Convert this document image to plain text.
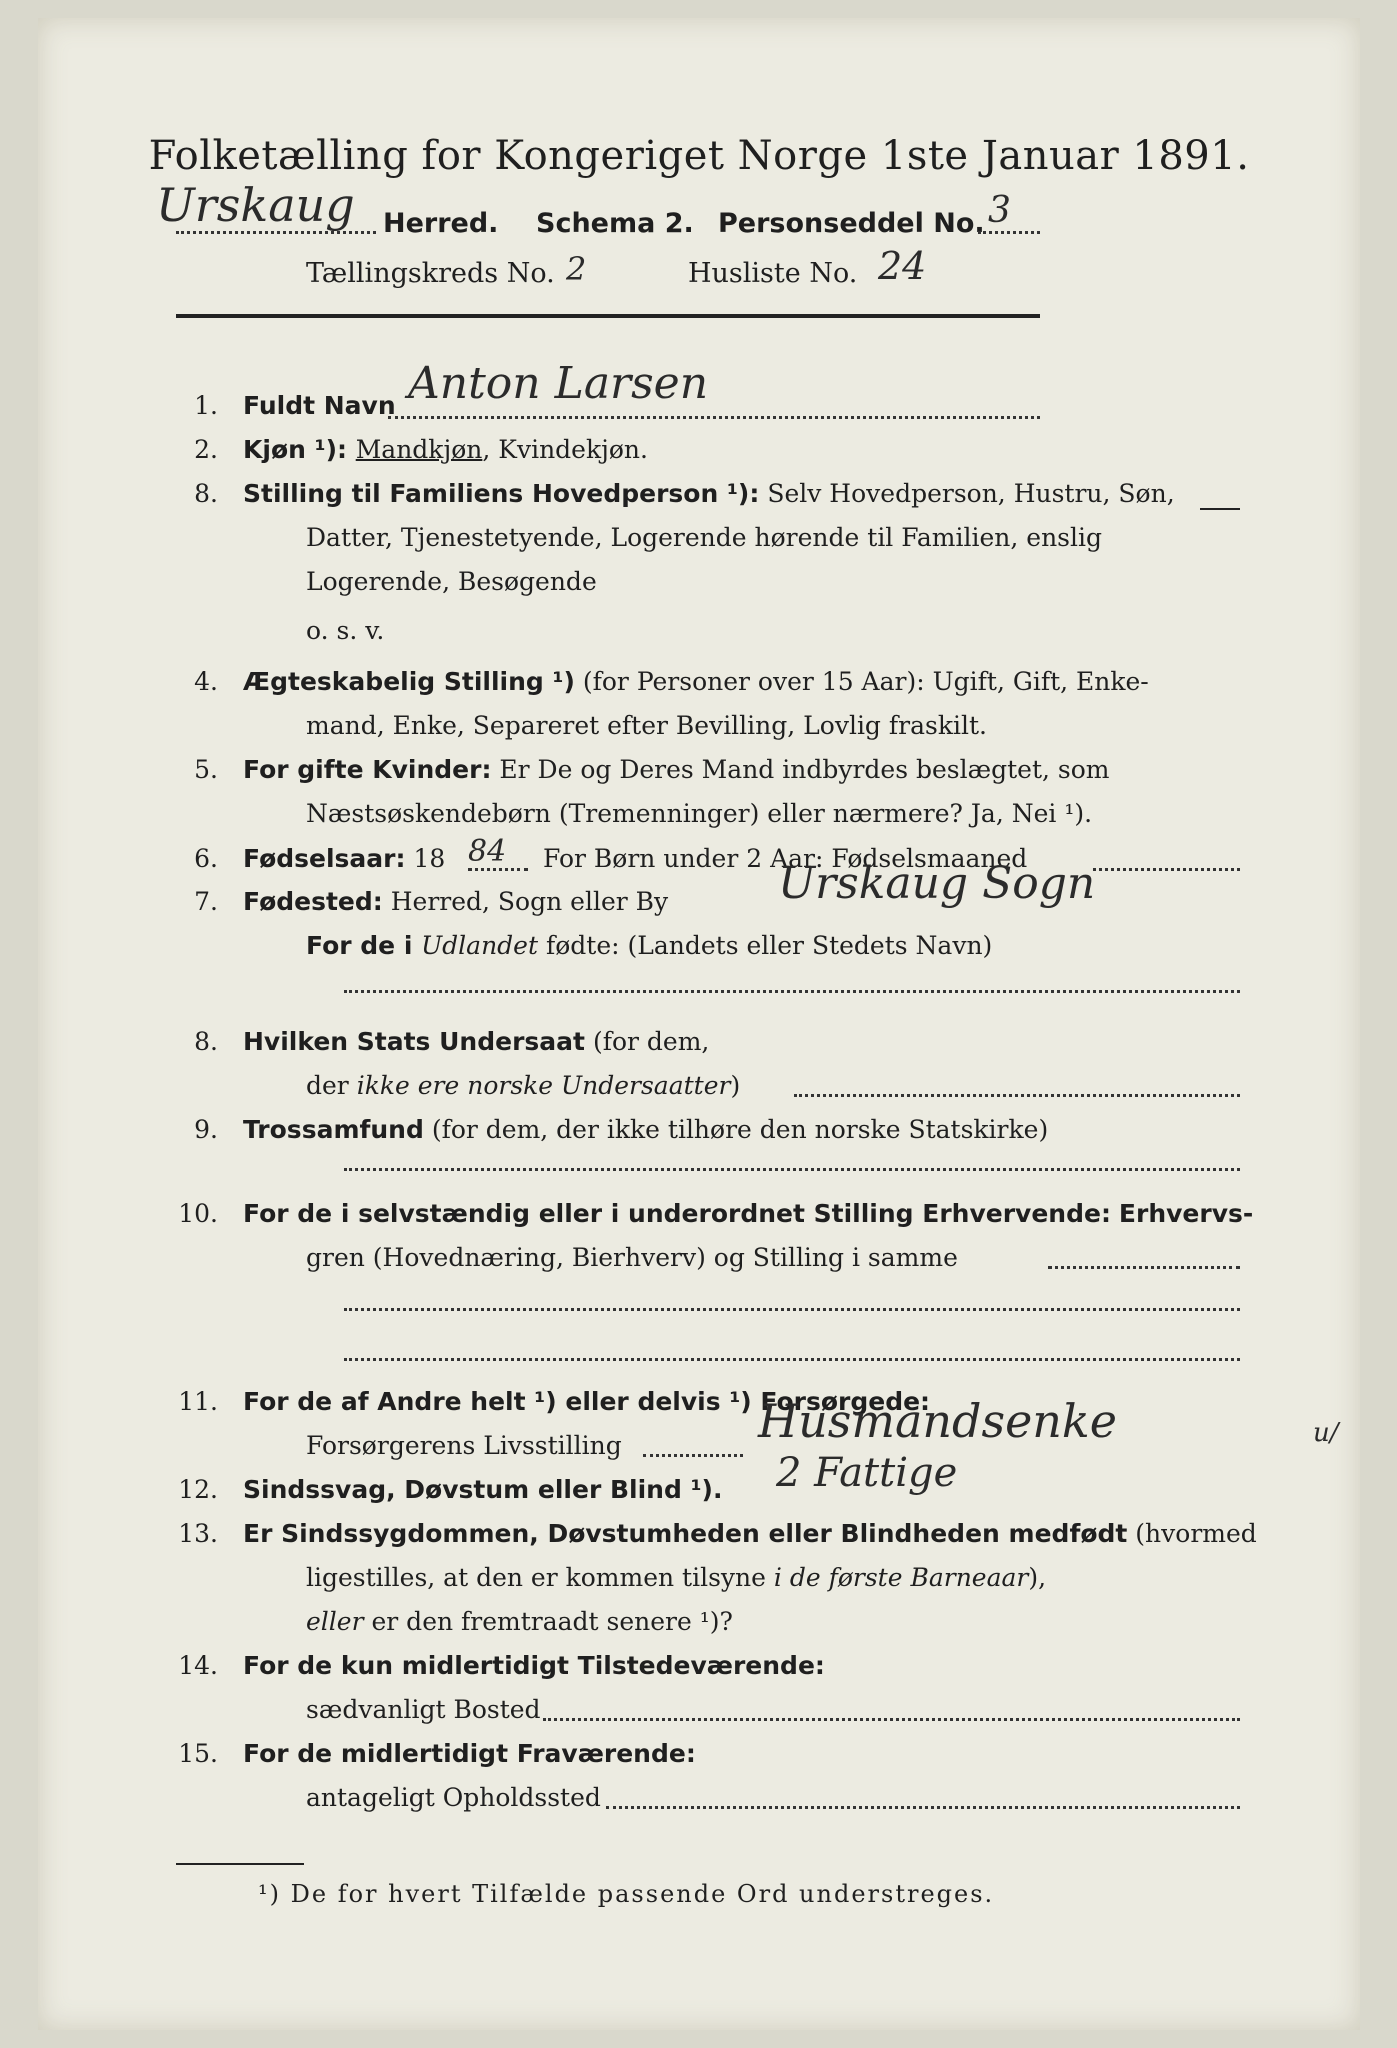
Folketælling for Kongeriget Norge 1ste Januar 1891.
Urskaug Herred. Schema 2. Personseddel No. 3
Tællingskreds No. 2	Husliste No. 24
1. Fuldt Navn Anton Larsen
2. Kjøn ¹): Mandkjøn, Kvindekjøn.
8. Stilling til Familiens Hovedperson ¹): Selv Hovedperson, Hustru, Søn,
Datter, Tjenestetyende, Logerende hørende til Familien, enslig
Logerende, Besøgende
o. s. v.
4. Ægteskabelig Stilling ¹) (for Personer over 15 Aar): Ugift, Gift, Enke-
mand, Enke, Separeret efter Bevilling, Lovlig fraskilt.
5. For gifte Kvinder: Er De og Deres Mand indbyrdes beslægtet, som
Næstsøskendebørn (Tremenninger) eller nærmere? Ja, Nei ¹).
6. Fødselsaar: 18 84 For Børn under 2 Aar: Fødselsmaaned
7. Fødested: Herred, Sogn eller By Urskaug Sogn
For de i Udlandet fødte: (Landets eller Stedets Navn)
8. Hvilken Stats Undersaat (for dem,
der ikke ere norske Undersaatter)
9. Trossamfund (for dem, der ikke tilhøre den norske Statskirke)
10. For de i selvstændig eller i underordnet Stilling Erhvervende: Erhvervs-
gren (Hovednæring, Bierhverv) og Stilling i samme
11. For de af Andre helt ¹) eller delvis ¹) Forsørgede:
Forsørgerens Livsstilling	Husmandsenke	u/
12. Sindssvag, Døvstum eller Blind ¹). 2 Fattige
13. Er Sindssygdommen, Døvstumheden eller Blindheden medfødt (hvormed
ligestilles, at den er kommen tilsyne i de første Barneaar),
eller er den fremtraadt senere ¹)?
14. For de kun midlertidigt Tilstedeværende:
sædvanligt Bosted
15. For de midlertidigt Fraværende:
antageligt Opholdssted
¹) De for hvert Tilfælde passende Ord understreges.
